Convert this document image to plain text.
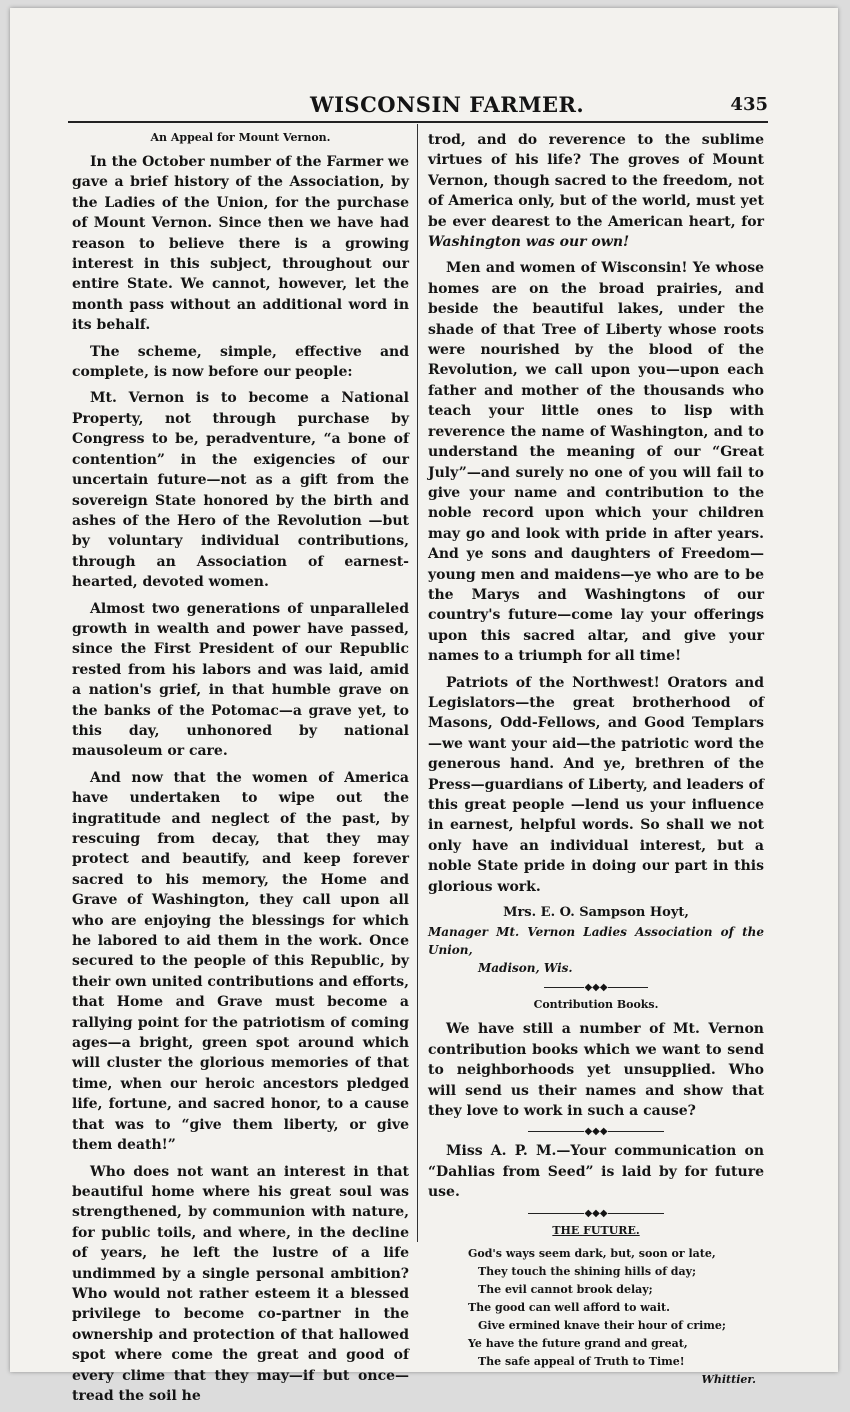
WISCONSIN FARMER.	435
An Appeal for Mount Vernon.

In the October number of the Farmer we gave a brief history of the Association, by the Ladies of the Union, for the purchase of Mount Vernon. Since then we have had reason to believe there is a growing interest in this subject, throughout our entire State. We cannot, however, let the month pass without an additional word in its behalf.

The scheme, simple, effective and complete, is now before our people:

Mt. Vernon is to become a National Property, not through purchase by Congress to be, peradventure, “a bone of contention” in the exigencies of our uncertain future—not as a gift from the sovereign State honored by the birth and ashes of the Hero of the Revolution —but by voluntary individual contributions, through an Association of earnest-hearted, devoted women.

Almost two generations of unparalleled growth in wealth and power have passed, since the First President of our Republic rested from his labors and was laid, amid a nation's grief, in that humble grave on the banks of the Potomac—a grave yet, to this day, unhonored by national mausoleum or care.

And now that the women of America have undertaken to wipe out the ingratitude and neglect of the past, by rescuing from decay, that they may protect and beautify, and keep forever sacred to his memory, the Home and Grave of Washington, they call upon all who are enjoying the blessings for which he labored to aid them in the work. Once secured to the people of this Republic, by their own united contributions and efforts, that Home and Grave must become a rallying point for the patriotism of coming ages—a bright, green spot around which will cluster the glorious memories of that time, when our heroic ancestors pledged life, fortune, and sacred honor, to a cause that was to “give them liberty, or give them death!”

Who does not want an interest in that beautiful home where his great soul was strengthened, by communion with nature, for public toils, and where, in the decline of years, he left the lustre of a life undimmed by a single personal ambition? Who would not rather esteem it a blessed privilege to become co-partner in the ownership and protection of that hallowed spot where come the great and good of every clime that they may—if but once—tread the soil he

trod, and do reverence to the sublime virtues of his life? The groves of Mount Vernon, though sacred to the freedom, not of America only, but of the world, must yet be ever dearest to the American heart, for Washington was our own!

Men and women of Wisconsin! Ye whose homes are on the broad prairies, and beside the beautiful lakes, under the shade of that Tree of Liberty whose roots were nourished by the blood of the Revolution, we call upon you—upon each father and mother of the thousands who teach your little ones to lisp with reverence the name of Washington, and to understand the meaning of our “Great July”—and surely no one of you will fail to give your name and contribution to the noble record upon which your children may go and look with pride in after years. And ye sons and daughters of Freedom—young men and maidens—ye who are to be the Marys and Washingtons of our country's future—come lay your offerings upon this sacred altar, and give your names to a triumph for all time!

Patriots of the Northwest! Orators and Legislators—the great brotherhood of Masons, Odd-Fellows, and Good Templars—we want your aid—the patriotic word the generous hand. And ye, brethren of the Press—guardians of Liberty, and leaders of this great people —lend us your influence in earnest, helpful words. So shall we not only have an individual interest, but a noble State pride in doing our part in this glorious work.

Mrs. E. O. Sampson Hoyt,
Manager Mt. Vernon Ladies Association of the Union,
Madison, Wis.
◆◆◆
Contribution Books.

We have still a number of Mt. Vernon contribution books which we want to send to neighborhoods yet unsupplied. Who will send us their names and show that they love to work in such a cause?

◆◆◆

Miss A. P. M.—Your communication on “Dahlias from Seed” is laid by for future use.

◆◆◆
THE FUTURE.
God's ways seem dark, but, soon or late,
They touch the shining hills of day;
The evil cannot brook delay;
The good can well afford to wait.
Give ermined knave their hour of crime;
Ye have the future grand and great,
The safe appeal of Truth to Time!
Whittier.
